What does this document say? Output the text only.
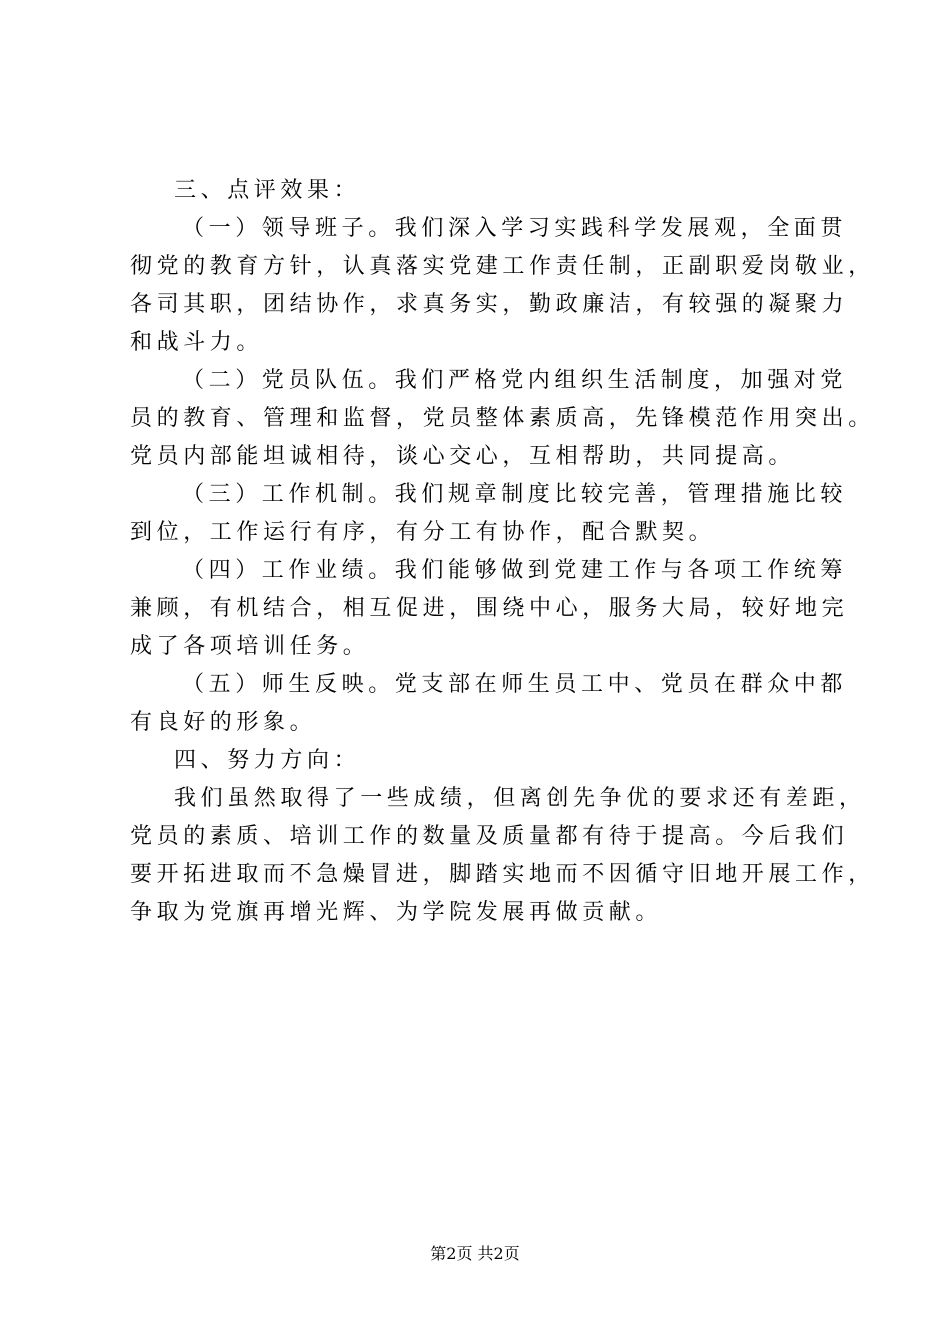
三、点评效果：
（一）领导班子。我们深入学习实践科学发展观，全面贯
彻党的教育方针，认真落实党建工作责任制，正副职爱岗敬业，
各司其职，团结协作，求真务实，勤政廉洁，有较强的凝聚力
和战斗力。
（二）党员队伍。我们严格党内组织生活制度，加强对党
员的教育、管理和监督，党员整体素质高，先锋模范作用突出。
党员内部能坦诚相待，谈心交心，互相帮助，共同提高。
（三）工作机制。我们规章制度比较完善，管理措施比较
到位，工作运行有序，有分工有协作，配合默契。
（四）工作业绩。我们能够做到党建工作与各项工作统筹
兼顾，有机结合，相互促进，围绕中心，服务大局，较好地完
成了各项培训任务。
（五）师生反映。党支部在师生员工中、党员在群众中都
有良好的形象。
四、努力方向：
我们虽然取得了一些成绩，但离创先争优的要求还有差距，
党员的素质、培训工作的数量及质量都有待于提高。今后我们
要开拓进取而不急燥冒进，脚踏实地而不因循守旧地开展工作，
争取为党旗再增光辉、为学院发展再做贡献。
第2页 共2页
